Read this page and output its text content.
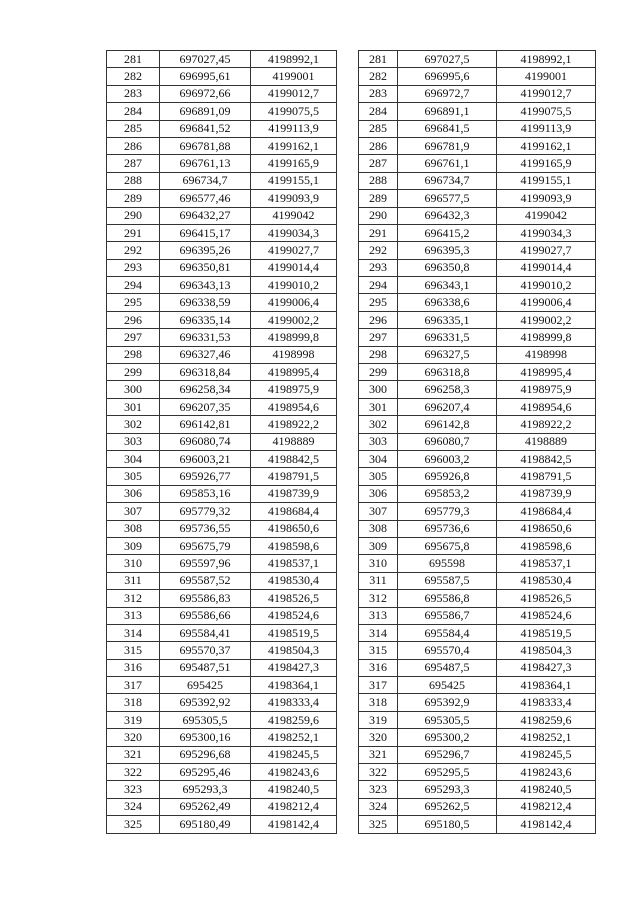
281	697027,45	4198992,1
282	696995,61	4199001
283	696972,66	4199012,7
284	696891,09	4199075,5
285	696841,52	4199113,9
286	696781,88	4199162,1
287	696761,13	4199165,9
288	696734,7	4199155,1
289	696577,46	4199093,9
290	696432,27	4199042
291	696415,17	4199034,3
292	696395,26	4199027,7
293	696350,81	4199014,4
294	696343,13	4199010,2
295	696338,59	4199006,4
296	696335,14	4199002,2
297	696331,53	4198999,8
298	696327,46	4198998
299	696318,84	4198995,4
300	696258,34	4198975,9
301	696207,35	4198954,6
302	696142,81	4198922,2
303	696080,74	4198889
304	696003,21	4198842,5
305	695926,77	4198791,5
306	695853,16	4198739,9
307	695779,32	4198684,4
308	695736,55	4198650,6
309	695675,79	4198598,6
310	695597,96	4198537,1
311	695587,52	4198530,4
312	695586,83	4198526,5
313	695586,66	4198524,6
314	695584,41	4198519,5
315	695570,37	4198504,3
316	695487,51	4198427,3
317	695425	4198364,1
318	695392,92	4198333,4
319	695305,5	4198259,6
320	695300,16	4198252,1
321	695296,68	4198245,5
322	695295,46	4198243,6
323	695293,3	4198240,5
324	695262,49	4198212,4
325	695180,49	4198142,4
281	697027,5	4198992,1
282	696995,6	4199001
283	696972,7	4199012,7
284	696891,1	4199075,5
285	696841,5	4199113,9
286	696781,9	4199162,1
287	696761,1	4199165,9
288	696734,7	4199155,1
289	696577,5	4199093,9
290	696432,3	4199042
291	696415,2	4199034,3
292	696395,3	4199027,7
293	696350,8	4199014,4
294	696343,1	4199010,2
295	696338,6	4199006,4
296	696335,1	4199002,2
297	696331,5	4198999,8
298	696327,5	4198998
299	696318,8	4198995,4
300	696258,3	4198975,9
301	696207,4	4198954,6
302	696142,8	4198922,2
303	696080,7	4198889
304	696003,2	4198842,5
305	695926,8	4198791,5
306	695853,2	4198739,9
307	695779,3	4198684,4
308	695736,6	4198650,6
309	695675,8	4198598,6
310	695598	4198537,1
311	695587,5	4198530,4
312	695586,8	4198526,5
313	695586,7	4198524,6
314	695584,4	4198519,5
315	695570,4	4198504,3
316	695487,5	4198427,3
317	695425	4198364,1
318	695392,9	4198333,4
319	695305,5	4198259,6
320	695300,2	4198252,1
321	695296,7	4198245,5
322	695295,5	4198243,6
323	695293,3	4198240,5
324	695262,5	4198212,4
325	695180,5	4198142,4
